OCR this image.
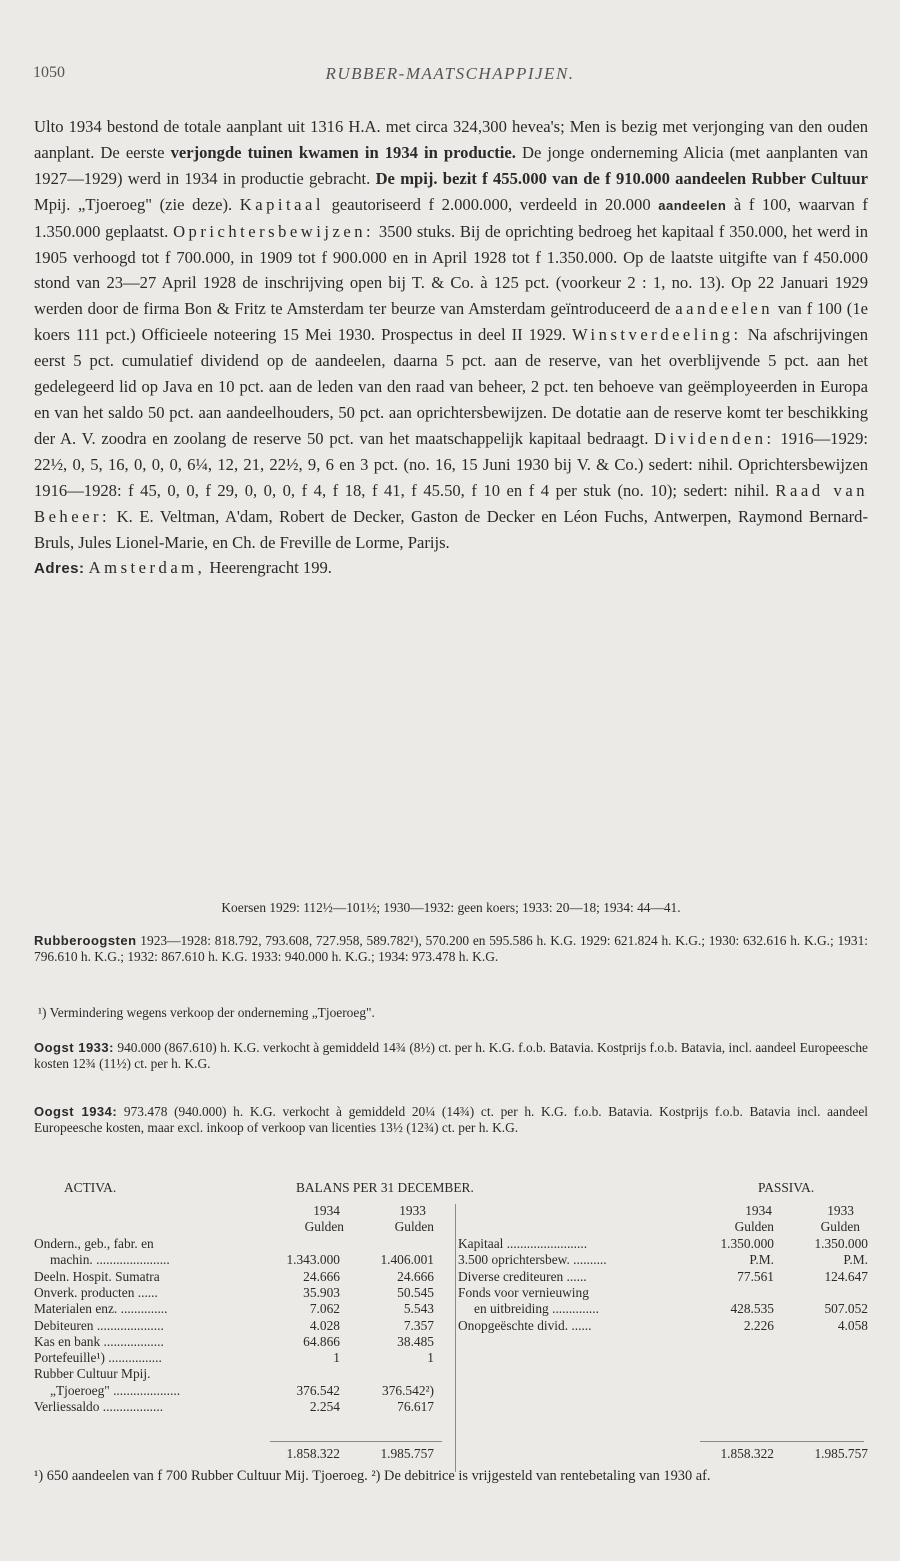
1050	RUBBER-MAATSCHAPPIJEN.

Ulto 1934 bestond de totale aanplant uit 1316 H.A. met circa 324,300 hevea's; Men is bezig met verjonging van den ouden aanplant. De eerste verjongde tuinen kwamen in 1934 in productie. De jonge onderneming Alicia (met aanplanten van 1927—1929) werd in 1934 in productie gebracht. De mpij. bezit f 455.000 van de f 910.000 aandeelen Rubber Cultuur Mpij. „Tjoeroeg" (zie deze). Kapitaal geautoriseerd f 2.000.000, verdeeld in 20.000 aandeelen à f 100, waarvan f 1.350.000 geplaatst. Oprichtersbewijzen: 3500 stuks. Bij de oprichting bedroeg het kapitaal f 350.000, het werd in 1905 verhoogd tot f 700.000, in 1909 tot f 900.000 en in April 1928 tot f 1.350.000. Op de laatste uitgifte van f 450.000 stond van 23—27 April 1928 de inschrijving open bij T. & Co. à 125 pct. (voorkeur 2 : 1, no. 13). Op 22 Januari 1929 werden door de firma Bon & Fritz te Amsterdam ter beurze van Amsterdam geïntroduceerd de aandeelen van f 100 (1e koers 111 pct.) Officieele noteering 15 Mei 1930. Prospectus in deel II 1929. Winstverdeeling: Na afschrijvingen eerst 5 pct. cumulatief dividend op de aandeelen, daarna 5 pct. aan de reserve, van het overblijvende 5 pct. aan het gedelegeerd lid op Java en 10 pct. aan de leden van den raad van beheer, 2 pct. ten behoeve van geëmployeerden in Europa en van het saldo 50 pct. aan aandeelhouders, 50 pct. aan oprichtersbewijzen. De dotatie aan de reserve komt ter beschikking der A. V. zoodra en zoolang de reserve 50 pct. van het maatschappelijk kapitaal bedraagt. Dividenden: 1916—1929: 22½, 0, 5, 16, 0, 0, 0, 6¼, 12, 21, 22½, 9, 6 en 3 pct. (no. 16, 15 Juni 1930 bij V. & Co.) sedert: nihil. Oprichtersbewijzen 1916—1928: f 45, 0, 0, f 29, 0, 0, 0, f 4, f 18, f 41, f 45.50, f 10 en f 4 per stuk (no. 10); sedert: nihil. Raad van Beheer: K. E. Veltman, A'dam, Robert de Decker, Gaston de Decker en Léon Fuchs, Antwerpen, Raymond Bernard-Bruls, Jules Lionel-Marie, en Ch. de Freville de Lorme, Parijs.
Adres: Amsterdam, Heerengracht 199.

Koersen 1929: 112½—101½; 1930—1932: geen koers; 1933: 20—18; 1934: 44—41.
Rubberoogsten 1923—1928: 818.792, 793.608, 727.958, 589.782¹), 570.200 en 595.586 h. K.G. 1929: 621.824 h. K.G.; 1930: 632.616 h. K.G.; 1931: 796.610 h. K.G.; 1932: 867.610 h. K.G. 1933: 940.000 h. K.G.; 1934: 973.478 h. K.G.
¹) Vermindering wegens verkoop der onderneming „Tjoeroeg".
Oogst 1933: 940.000 (867.610) h. K.G. verkocht à gemiddeld 14¾ (8½) ct. per h. K.G. f.o.b. Batavia. Kostprijs f.o.b. Batavia, incl. aandeel Europeesche kosten 12¾ (11½) ct. per h. K.G.
Oogst 1934: 973.478 (940.000) h. K.G. verkocht à gemiddeld 20¼ (14¾) ct. per h. K.G. f.o.b. Batavia. Kostprijs f.o.b. Batavia incl. aandeel Europeesche kosten, maar excl. inkoop of verkoop van licenties 13½ (12¾) ct. per h. K.G.
ACTIVA.	BALANS PER 31 DECEMBER.	PASSIVA.
1934	1933
Gulden	Gulden
1934	1933
Gulden	Gulden
Ondern., geb., fabr. en
machin. ......................	1.343.000	1.406.001
Deeln. Hospit. Sumatra	24.666	24.666
Onverk. producten ......	35.903	50.545
Materialen enz. ..............	7.062	5.543
Debiteuren ....................	4.028	7.357
Kas en bank ..................	64.866	38.485
Portefeuille¹) ................	1	1
Rubber Cultuur Mpij.
„Tjoeroeg" ....................	376.542	376.542²)
Verliessaldo ..................	2.254	76.617
Kapitaal ........................	1.350.000	1.350.000
3.500 oprichtersbew. ..........	P.M.	P.M.
Diverse crediteuren ......	77.561	124.647
Fonds voor vernieuwing
en uitbreiding ..............	428.535	507.052
Onopgeëschte divid. ......	2.226	4.058
1.858.322	1.985.757	1.858.322	1.985.757
¹) 650 aandeelen van f 700 Rubber Cultuur Mij. Tjoeroeg. ²) De debitrice is vrijgesteld van rentebetaling van 1930 af.
